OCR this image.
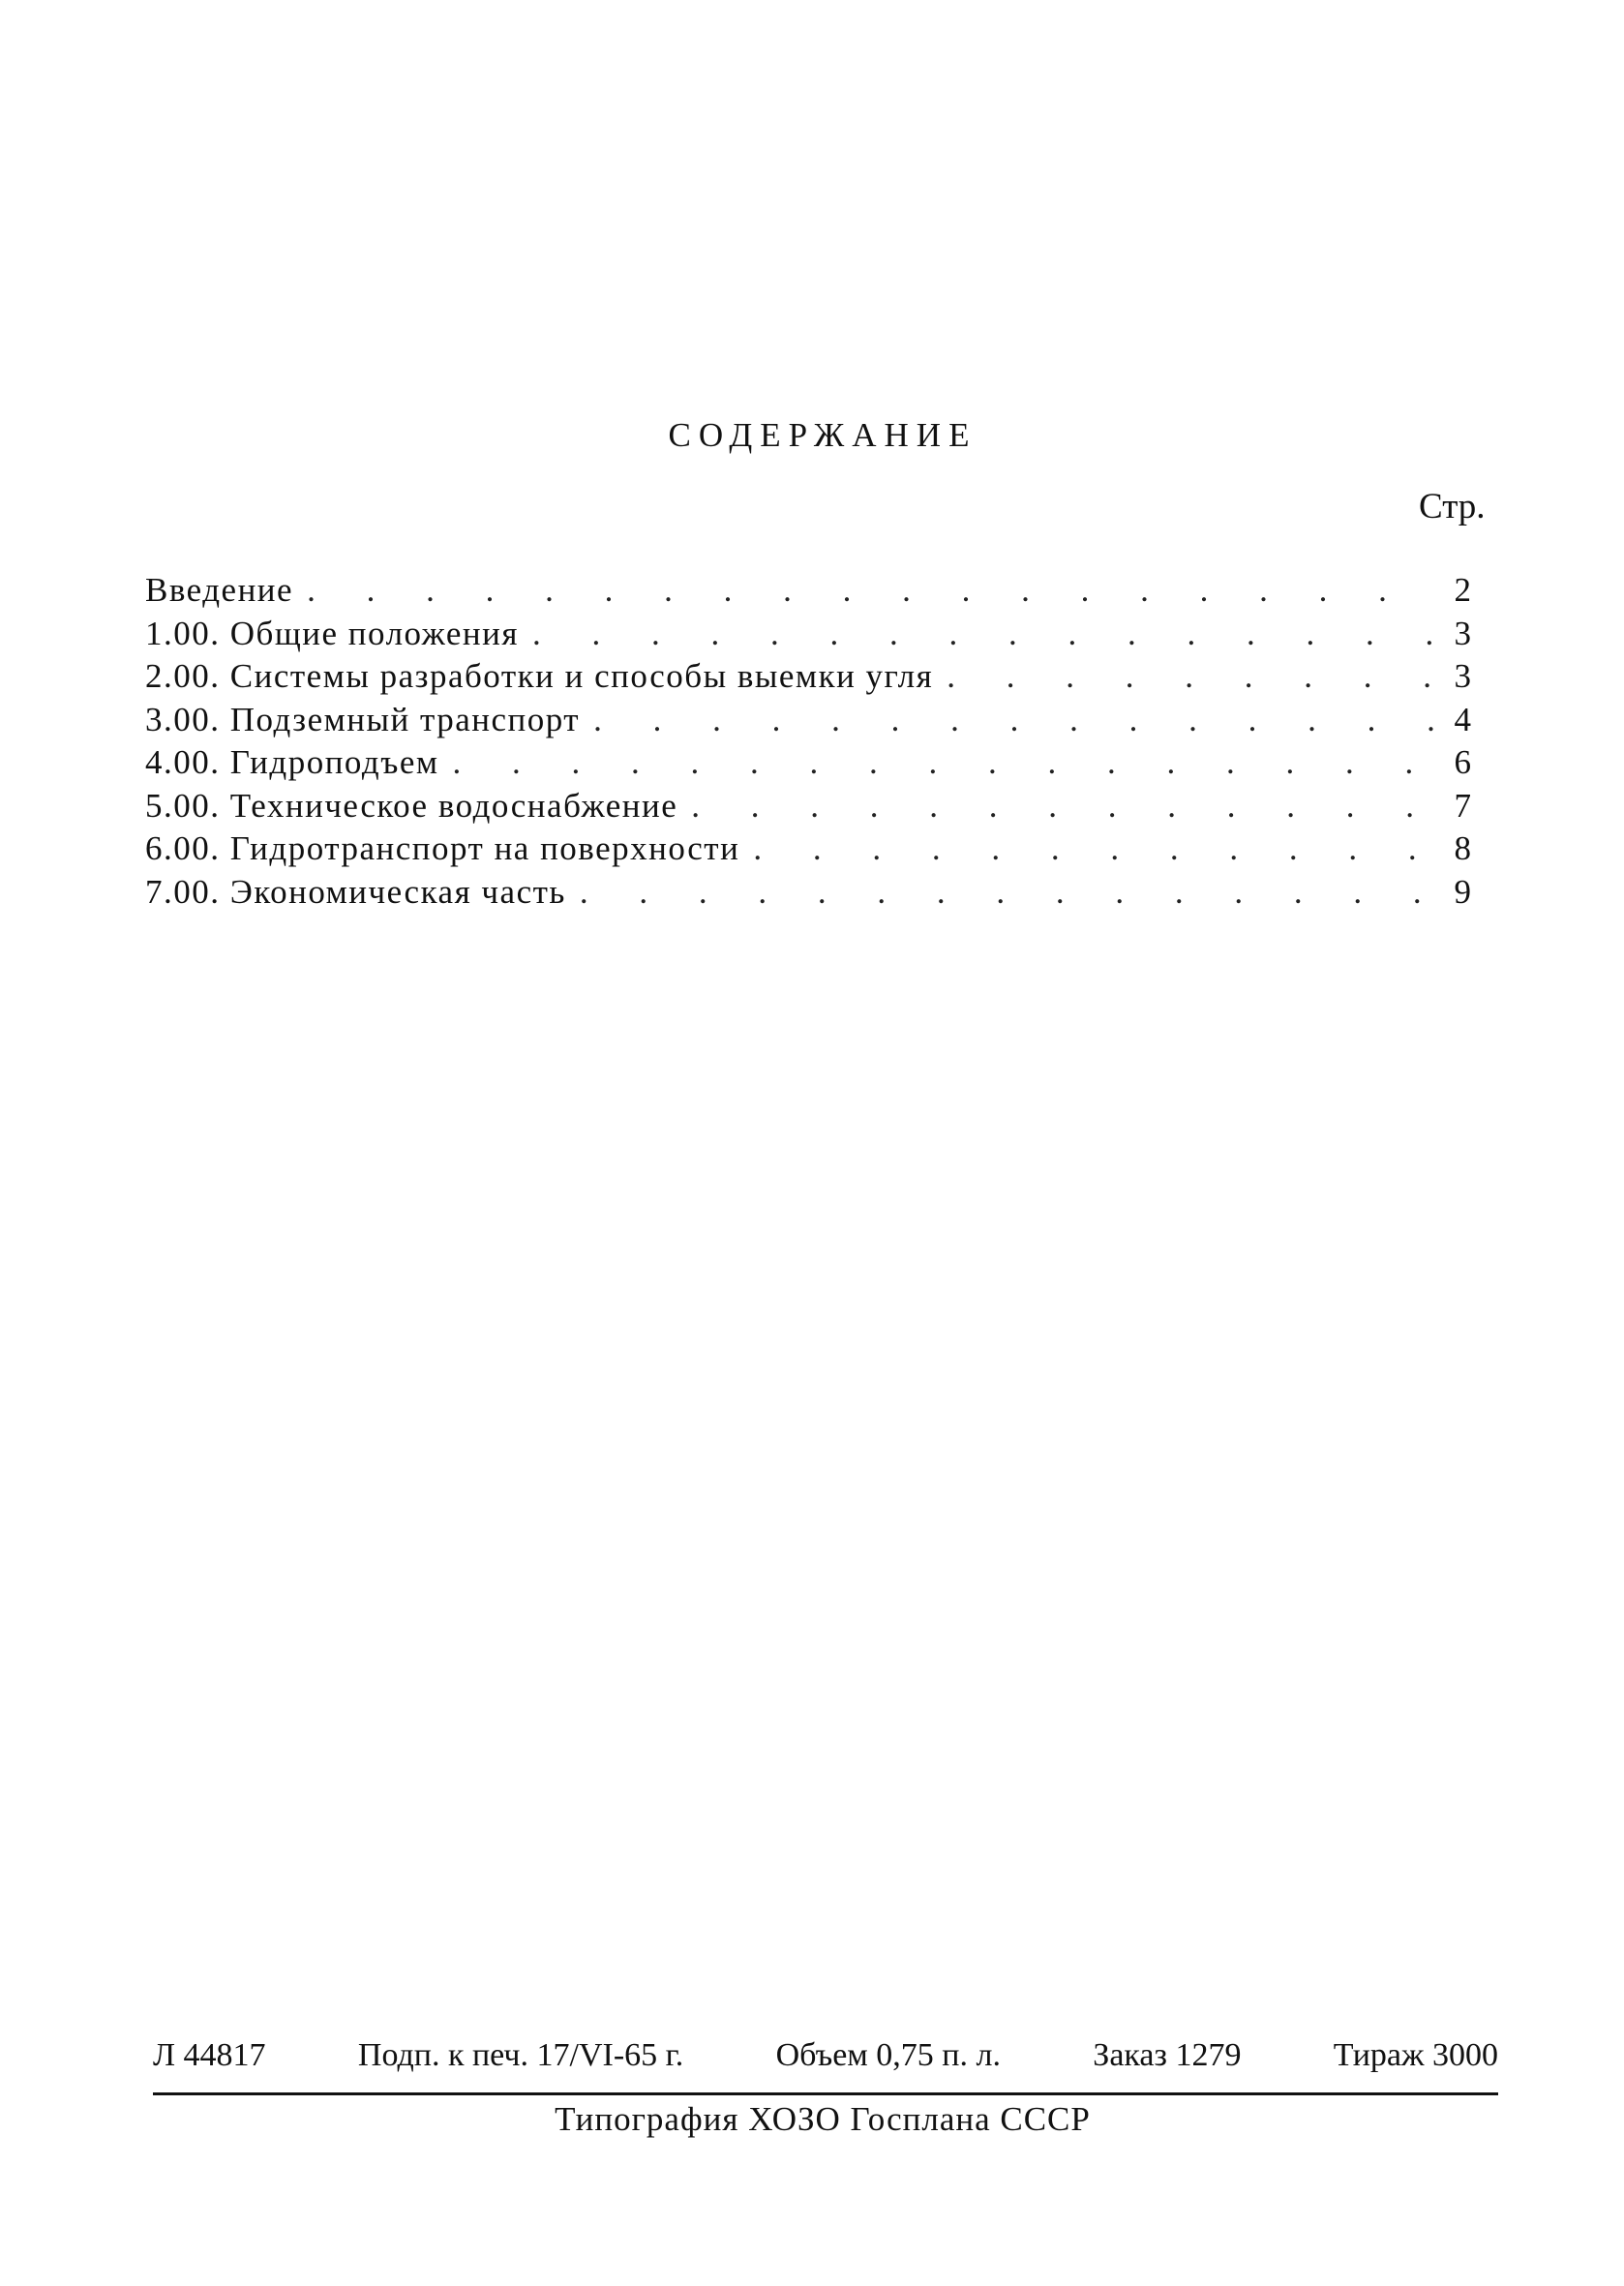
СОДЕРЖАНИЕ
Стр.
Введение . . .	2
1.00. Общие положения . . .	3
2.00. Системы разработки и способы выемки угля . . .	3
3.00. Подземный транспорт . . .	4
4.00. Гидроподъем . . .	6
5.00. Техническое водоснабжение . . .	7
6.00. Гидротранспорт на поверхности . . .	8
7.00. Экономическая часть . . .	9
Л 44817	Подп. к печ. 17/VI-65 г.	Объем 0,75 п. л.	Заказ 1279	Тираж 3000
Типография ХОЗО Госплана СССР
